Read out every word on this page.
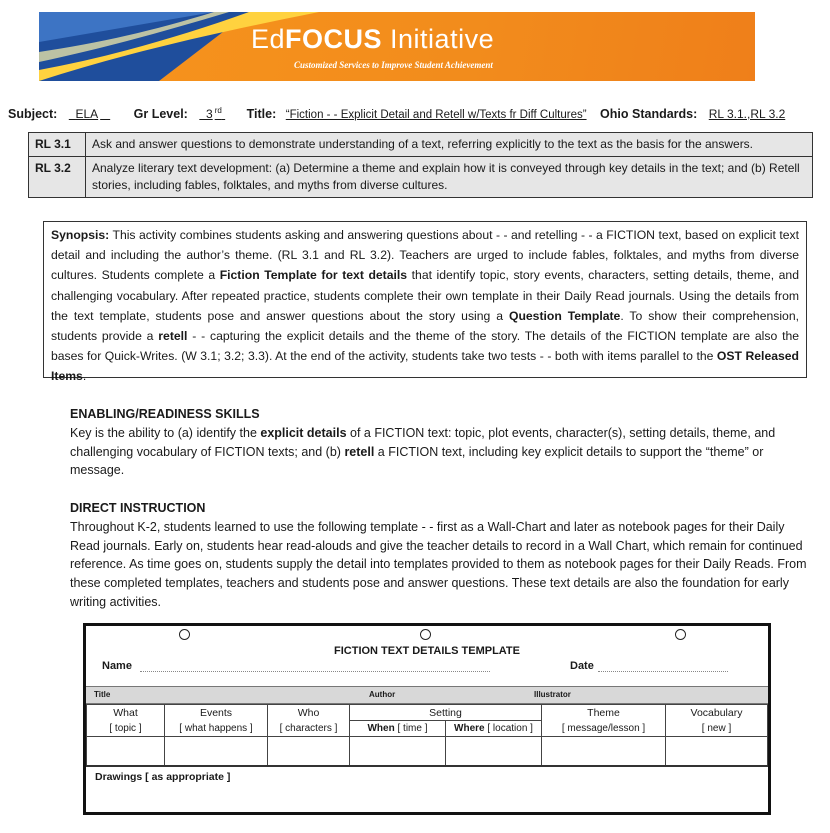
EdFOCUS Initiative
Customized Services to Improve Student Achievement
Subject: ELA	Gr Level: 3 $^{rd}$ Title: “Fiction - - Explicit Detail and Retell w/Texts fr Diff Cultures” Ohio Standards: RL 3.1.,RL 3.2
RL 3.1	Ask and answer questions to demonstrate understanding of a text, referring explicitly to the text as the basis for the answers.
RL 3.2	Analyze literary text development: (a) Determine a theme and explain how it is conveyed through key details in the text; and (b) Retell stories, including fables, folktales, and myths from diverse cultures.
Synopsis: This activity combines students asking and answering questions about - - and retelling - - a FICTION text, based on explicit text detail and including the author’s theme. (RL 3.1 and RL 3.2). Teachers are urged to include fables, folktales, and myths from diverse cultures. Students complete a Fiction Template for text details that identify topic, story events, characters, setting details, theme, and challenging vocabulary. After repeated practice, students complete their own template in their Daily Read journals. Using the details from the text template, students pose and answer questions about the story using a Question Template. To show their comprehension, students provide a retell - - capturing the explicit details and the theme of the story. The details of the FICTION template are also the bases for Quick-Writes. (W 3.1; 3.2; 3.3). At the end of the activity, students take two tests - - both with items parallel to the OST Released Items.
ENABLING/READINESS SKILLS
Key is the ability to (a) identify the explicit details of a FICTION text: topic, plot events, character(s), setting details, theme, and challenging vocabulary of FICTION texts; and (b) retell a FICTION text, including key explicit details to support the “theme” or message.
DIRECT INSTRUCTION
Throughout K-2, students learned to use the following template - - first as a Wall-Chart and later as notebook pages for their Daily Read journals. Early on, students hear read-alouds and give the teacher details to record in a Wall Chart, which remain for continued reference. As time goes on, students supply the detail into templates provided to them as notebook pages for their Daily Reads. From these completed templates, teachers and students pose and answer questions. These text details are also the foundation for early writing activities.
FICTION TEXT DETAILS TEMPLATE
Name	Date
Title	Author	Illustrator
What	Events	Who	Setting		Theme	Vocabulary
[ topic ]	[ what happens ]	[ characters ]	When [ time ]	Where [ location ]	[ message/lesson ]	[ new ]

Drawings [ as appropriate ]
